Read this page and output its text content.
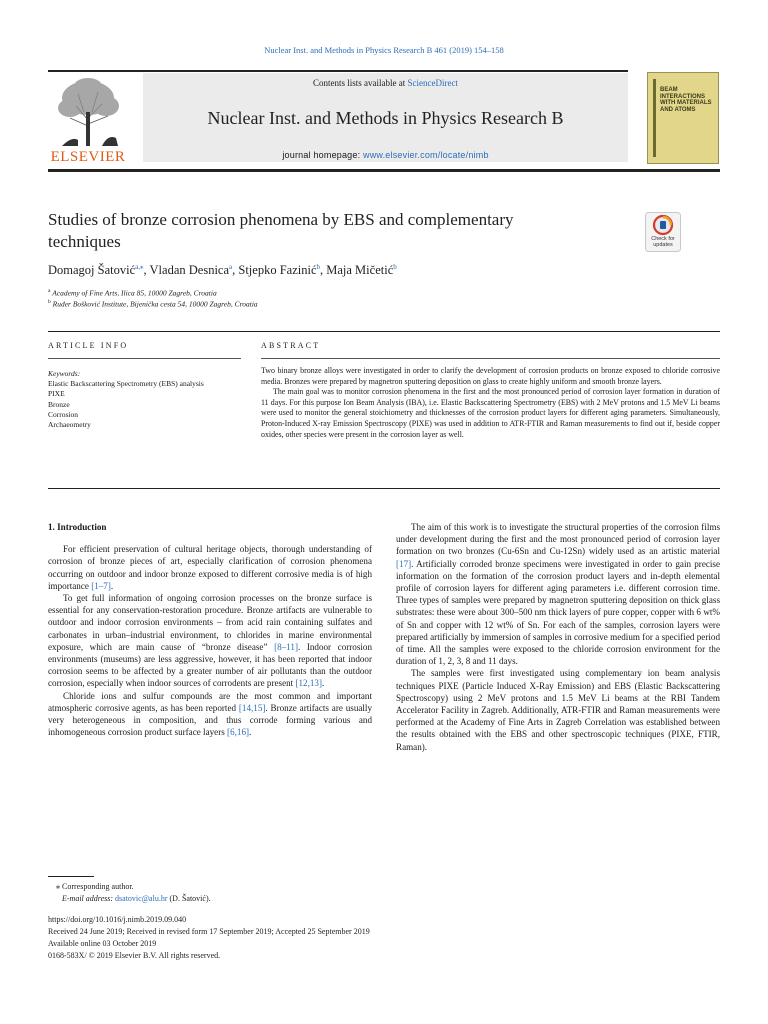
Nuclear Inst. and Methods in Physics Research B 461 (2019) 154–158
ELSEVIER
Contents lists available at ScienceDirect
Nuclear Inst. and Methods in Physics Research B
journal homepage: www.elsevier.com/locate/nimb
BEAM INTERACTIONS WITH MATERIALS AND ATOMS
Studies of bronze corrosion phenomena by EBS and complementary techniques	Check for updates
Domagoj Šatović$^{a,⁎}$, Vladan Desnica$^a$, Stjepko Fazinić$^b$, Maja Mičetić$^b$
$^a$ Academy of Fine Arts, Ilica 85, 10000 Zagreb, Croatia
$^b$ Ruđer Bošković Institute, Bijenička cesta 54, 10000 Zagreb, Croatia
ARTICLE INFO	ABSTRACT
Keywords:
Elastic Backscattering Spectrometry (EBS) analysis
PIXE
Bronze
Corrosion
Archaeometry

Two binary bronze alloys were investigated in order to clarify the development of corrosion products on bronze exposed to chloride corrosive media. Bronzes were prepared by magnetron sputtering deposition on glass to create highly uniform and smooth bronze layers.

The main goal was to monitor corrosion phenomena in the first and the most pronounced period of corrosion layer formation in duration of 11 days. For this purpose Ion Beam Analysis (IBA), i.e. Elastic Backscattering Spectrometry (EBS) with 2 MeV protons and 1.5 MeV Li beams were used to monitor the general stoichiometry and thicknesses of the corrosion product layers for different aging parameters. Simultaneously, Proton-Induced X-ray Emission Spectroscopy (PIXE) was used in addition to ATR-FTIR and Raman measurements to find out if, beside copper oxides, other species were present in the corrosion layer as well.

1. Introduction

For efficient preservation of cultural heritage objects, thorough understanding of corrosion of bronze pieces of art, especially clarification of corrosion phenomena occurring on outdoor and indoor bronze exposed to different corrosive media is of high importance [1–7].

To get full information of ongoing corrosion processes on the bronze surface is essential for any conservation-restoration procedure. Bronze artifacts are vulnerable to outdoor and indoor corrosion environments – from acid rain containing sulfates and carbonates in urban–industrial environment, to chlorides in marine environmental exposure, which are main cause of “bronze disease” [8–11]. Indoor corrosion environments (museums) are less aggressive, however, it has been reported that indoor corrosion seems to be affected by a greater number of air pollutants than the outdoor corrosion, especially when indoor sources of corrodents are present [12,13].

Chloride ions and sulfur compounds are the most common and important atmospheric corrosive agents, as has been reported [14,15]. Bronze artifacts are usually very heterogeneous in composition, and thus corrode forming various and inhomogeneous corrosion product surface layers [6,16].

The aim of this work is to investigate the structural properties of the corrosion films under development during the first and the most pronounced period of corrosion layer formation on two bronzes (Cu-6Sn and Cu-12Sn) widely used as an artistic material [17]. Artificially corroded bronze specimens were investigated in order to gain precise information on the formation of the corrosion product layers and in-depth elemental profile of corrosion layers for different aging parameters i.e. different corrosion time. Three types of samples were prepared by magnetron sputtering deposition on thick glass substrates: these were about 300–500 nm thick layers of pure copper, copper with 6 wt% of Sn and copper with 12 wt% of Sn. For each of the samples, corrosion layers were prepared artificially by immersion of samples in corrosive medium for a specified period of time. All the samples were exposed to the chloride corrosion environment for the duration of 1, 2, 3, 8 and 11 days.

The samples were first investigated using complementary ion beam analysis techniques PIXE (Particle Induced X-Ray Emission) and EBS (Elastic Backscattering Spectroscopy) using 2 MeV protons and 1.5 MeV Li beams at the RBI Tandem Accelerator Facility in Zagreb. Additionally, ATR-FTIR and Raman measurements were performed at the Academy of Fine Arts in Zagreb Correlation was established between the results obtained with the EBS and other spectroscopic techniques (PIXE, FTIR, Raman).

⁎ Corresponding author.
E-mail address: dsatovic@alu.hr (D. Šatović).
https://doi.org/10.1016/j.nimb.2019.09.040
Received 24 June 2019; Received in revised form 17 September 2019; Accepted 25 September 2019
Available online 03 October 2019
0168-583X/ © 2019 Elsevier B.V. All rights reserved.
